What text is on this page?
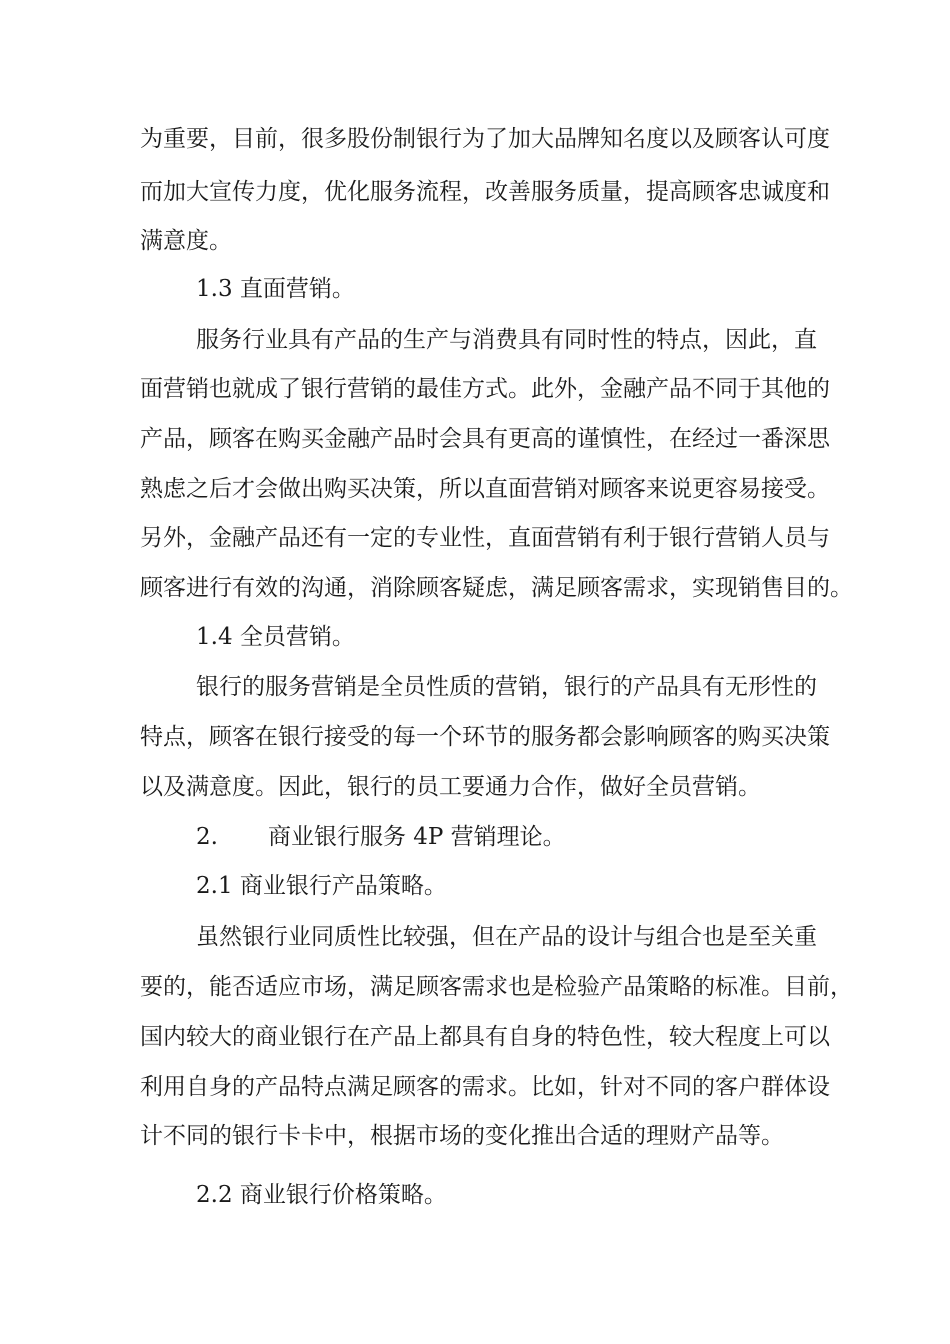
为重要，目前，很多股份制银行为了加大品牌知名度以及顾客认可度
而加大宣传力度，优化服务流程，改善服务质量，提高顾客忠诚度和
满意度。
1.3 直面营销。
服务行业具有产品的生产与消费具有同时性的特点，因此，直
面营销也就成了银行营销的最佳方式。此外，金融产品不同于其他的
产品，顾客在购买金融产品时会具有更高的谨慎性，在经过一番深思
熟虑之后才会做出购买决策，所以直面营销对顾客来说更容易接受。
另外，金融产品还有一定的专业性，直面营销有利于银行营销人员与
顾客进行有效的沟通，消除顾客疑虑，满足顾客需求，实现销售目的。
1.4 全员营销。
银行的服务营销是全员性质的营销，银行的产品具有无形性的
特点，顾客在银行接受的每一个环节的服务都会影响顾客的购买决策
以及满意度。因此，银行的员工要通力合作，做好全员营销。
2. 商业银行服务 4P 营销理论。
2.1 商业银行产品策略。
虽然银行业同质性比较强，但在产品的设计与组合也是至关重
要的，能否适应市场，满足顾客需求也是检验产品策略的标准。目前，
国内较大的商业银行在产品上都具有自身的特色性，较大程度上可以
利用自身的产品特点满足顾客的需求。比如，针对不同的客户群体设
计不同的银行卡卡中，根据市场的变化推出合适的理财产品等。
2.2 商业银行价格策略。
